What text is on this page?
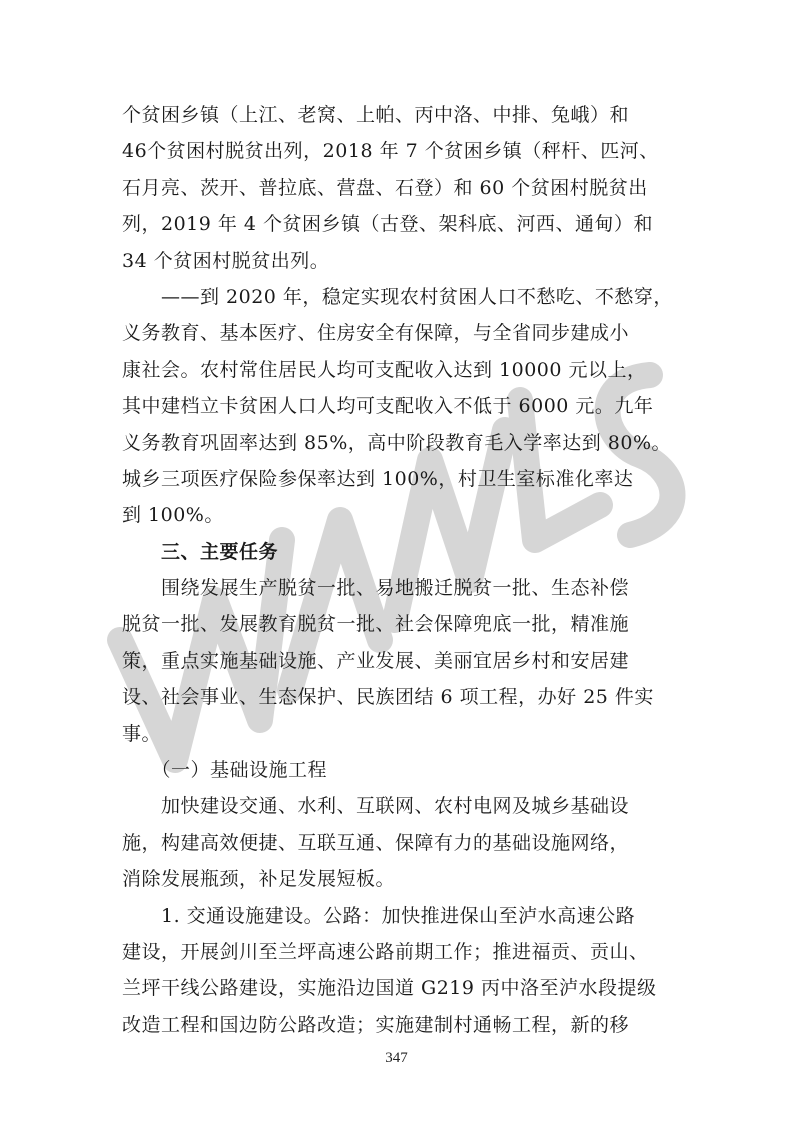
个贫困乡镇（上江、老窝、上帕、丙中洛、中排、兔峨）和
46个贫困村脱贫出列，2018 年 7 个贫困乡镇（秤杆、匹河、
石月亮、茨开、普拉底、营盘、石登）和 60 个贫困村脱贫出
列，2019 年 4 个贫困乡镇（古登、架科底、河西、通甸）和
34 个贫困村脱贫出列。
　　——到 2020 年，稳定实现农村贫困人口不愁吃、不愁穿，
义务教育、基本医疗、住房安全有保障，与全省同步建成小
康社会。农村常住居民人均可支配收入达到 10000 元以上，
其中建档立卡贫困人口人均可支配收入不低于 6000 元。九年
义务教育巩固率达到 85%，高中阶段教育毛入学率达到 80%。
城乡三项医疗保险参保率达到 100%，村卫生室标准化率达
到 100%。
　　三、主要任务
　　围绕发展生产脱贫一批、易地搬迁脱贫一批、生态补偿
脱贫一批、发展教育脱贫一批、社会保障兜底一批，精准施
策，重点实施基础设施、产业发展、美丽宜居乡村和安居建
设、社会事业、生态保护、民族团结 6 项工程，办好 25 件实
事。
　　（一）基础设施工程
　　加快建设交通、水利、互联网、农村电网及城乡基础设
施，构建高效便捷、互联互通、保障有力的基础设施网络，
消除发展瓶颈，补足发展短板。
　　1. 交通设施建设。公路：加快推进保山至泸水高速公路
建设，开展剑川至兰坪高速公路前期工作；推进福贡、贡山、
兰坪干线公路建设，实施沿边国道 G219 丙中洛至泸水段提级
改造工程和国边防公路改造；实施建制村通畅工程，新的移
347
